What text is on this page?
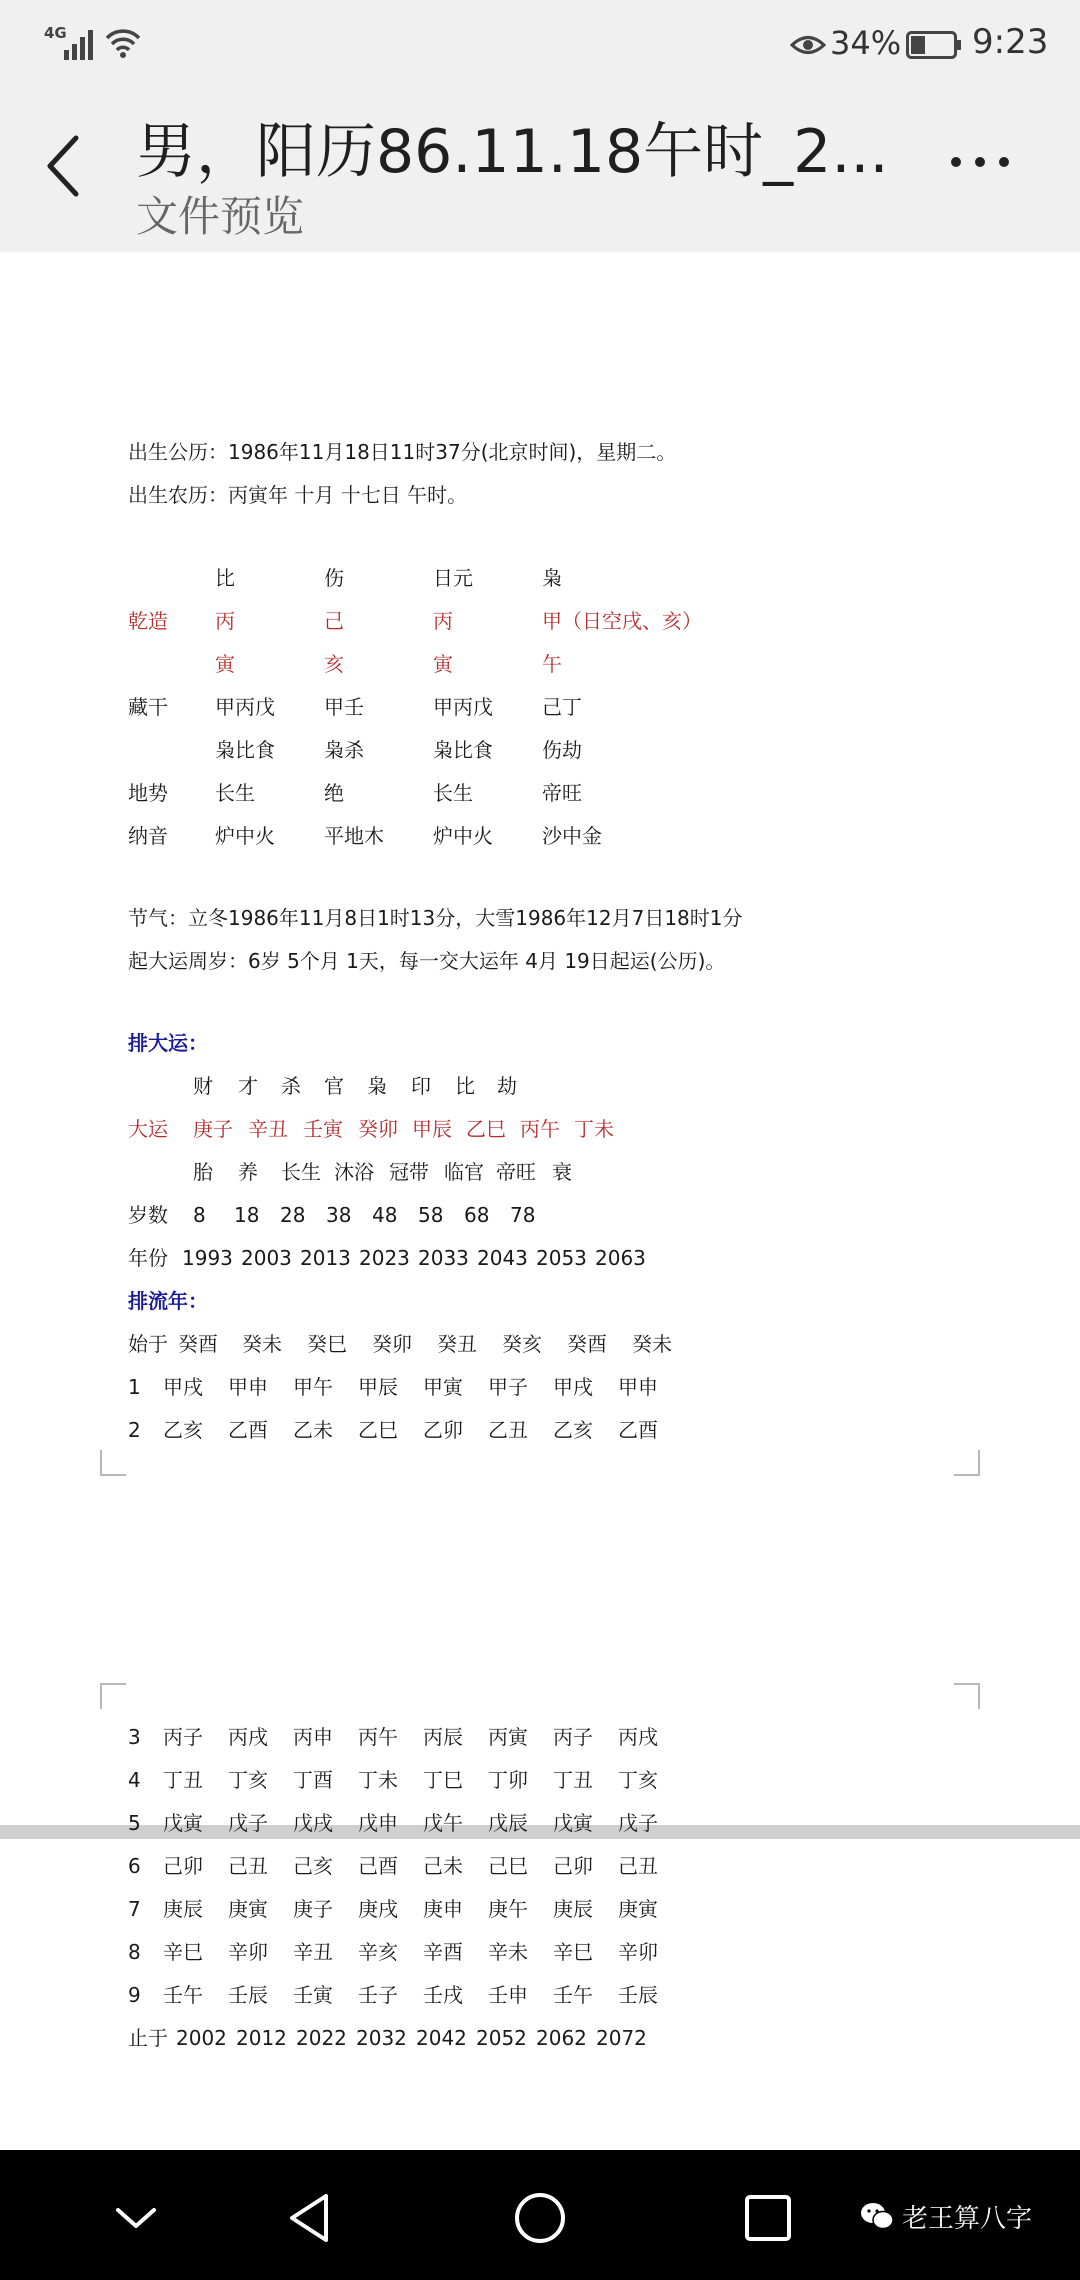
4G	34% 9:23
男，阳历86.11.18午时_2...
文件预览
出生公历：1986年11月18日11时37分(北京时间)，星期二。
出生农历：丙寅年 十月 十七日 午时。
比	伤	日元	枭
乾造 丙	己	丙	甲（日空戌、亥）
寅	亥	寅	午
藏干 甲丙戊 甲壬	甲丙戊 己丁
枭比食 枭杀	枭比食 伤劫
地势 长生	绝	长生	帝旺
纳音 炉中火 平地木 炉中火 沙中金
节气：立冬1986年11月8日1时13分，大雪1986年12月7日18时1分
起大运周岁：6岁 5个月 1天，每一交大运年 4月 19日起运(公历)。
排大运：
财 才 杀 官 枭 印 比 劫
大运 庚子 辛丑 壬寅 癸卯 甲辰 乙巳 丙午 丁未
胎 养 长生 沐浴 冠带 临官 帝旺 衰
岁数 8 18 28 38 48 58 68 78
年份 1993 2003 2013 2023 2033 2043 2053 2063
排流年：
始于 癸酉 癸未 癸巳 癸卯 癸丑 癸亥 癸酉 癸未
1 甲戌 甲申 甲午 甲辰 甲寅 甲子 甲戌 甲申
2 乙亥 乙酉 乙未 乙巳 乙卯 乙丑 乙亥 乙酉
3 丙子 丙戌 丙申 丙午 丙辰 丙寅 丙子 丙戌
4 丁丑 丁亥 丁酉 丁未 丁巳 丁卯 丁丑 丁亥
5 戊寅 戊子 戊戌 戊申 戊午 戊辰 戊寅 戊子
6 己卯 己丑 己亥 己酉 己未 己巳 己卯 己丑
7 庚辰 庚寅 庚子 庚戌 庚申 庚午 庚辰 庚寅
8 辛巳 辛卯 辛丑 辛亥 辛酉 辛未 辛巳 辛卯
9 壬午 壬辰 壬寅 壬子 壬戌 壬申 壬午 壬辰
止于 2002 2012 2022 2032 2042 2052 2062 2072
老王算八字
